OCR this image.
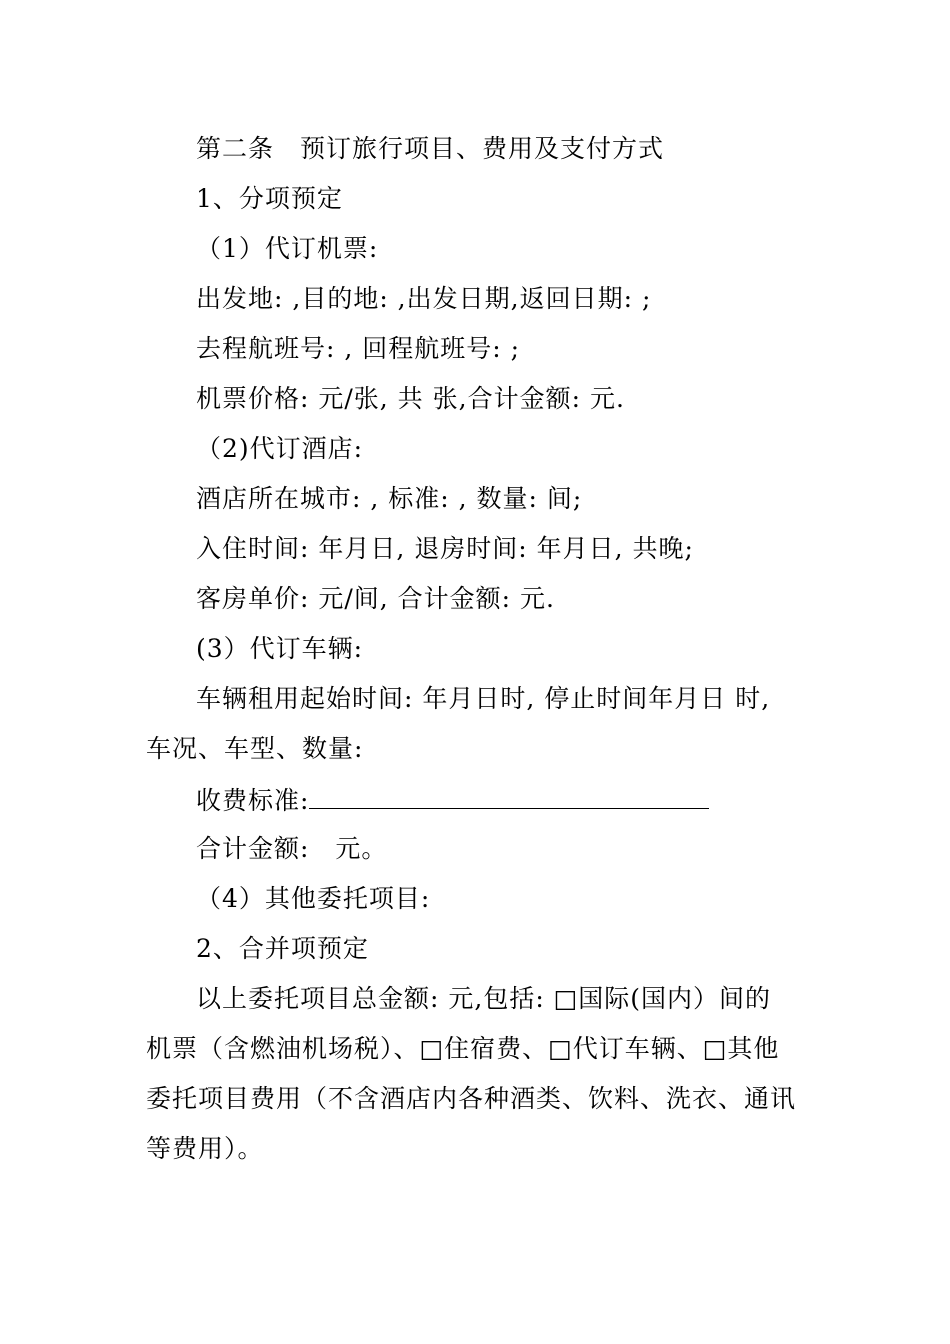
第二条　预订旅行项目、费用及支付方式
1、分项预定
（1）代订机票:
出发地: ,目的地: ,出发日期,返回日期: ;
去程航班号: , 回程航班号: ;
机票价格: 元/张, 共 张,合计金额: 元.
（2)代订酒店:
酒店所在城市: , 标准: , 数量: 间;
入住时间: 年月日, 退房时间: 年月日, 共晚;
客房单价: 元/间, 合计金额: 元.
(3）代订车辆:
车辆租用起始时间: 年月日时, 停止时间年月日 时,
车况、车型、数量:
收费标准:
合计金额:　元。
（4）其他委托项目:
2、合并项预定
以上委托项目总金额: 元,包括: □国际(国内）间的
机票（含燃油机场税）、□住宿费、□代订车辆、□其他
委托项目费用（不含酒店内各种酒类、饮料、洗衣、通讯
等费用）。
